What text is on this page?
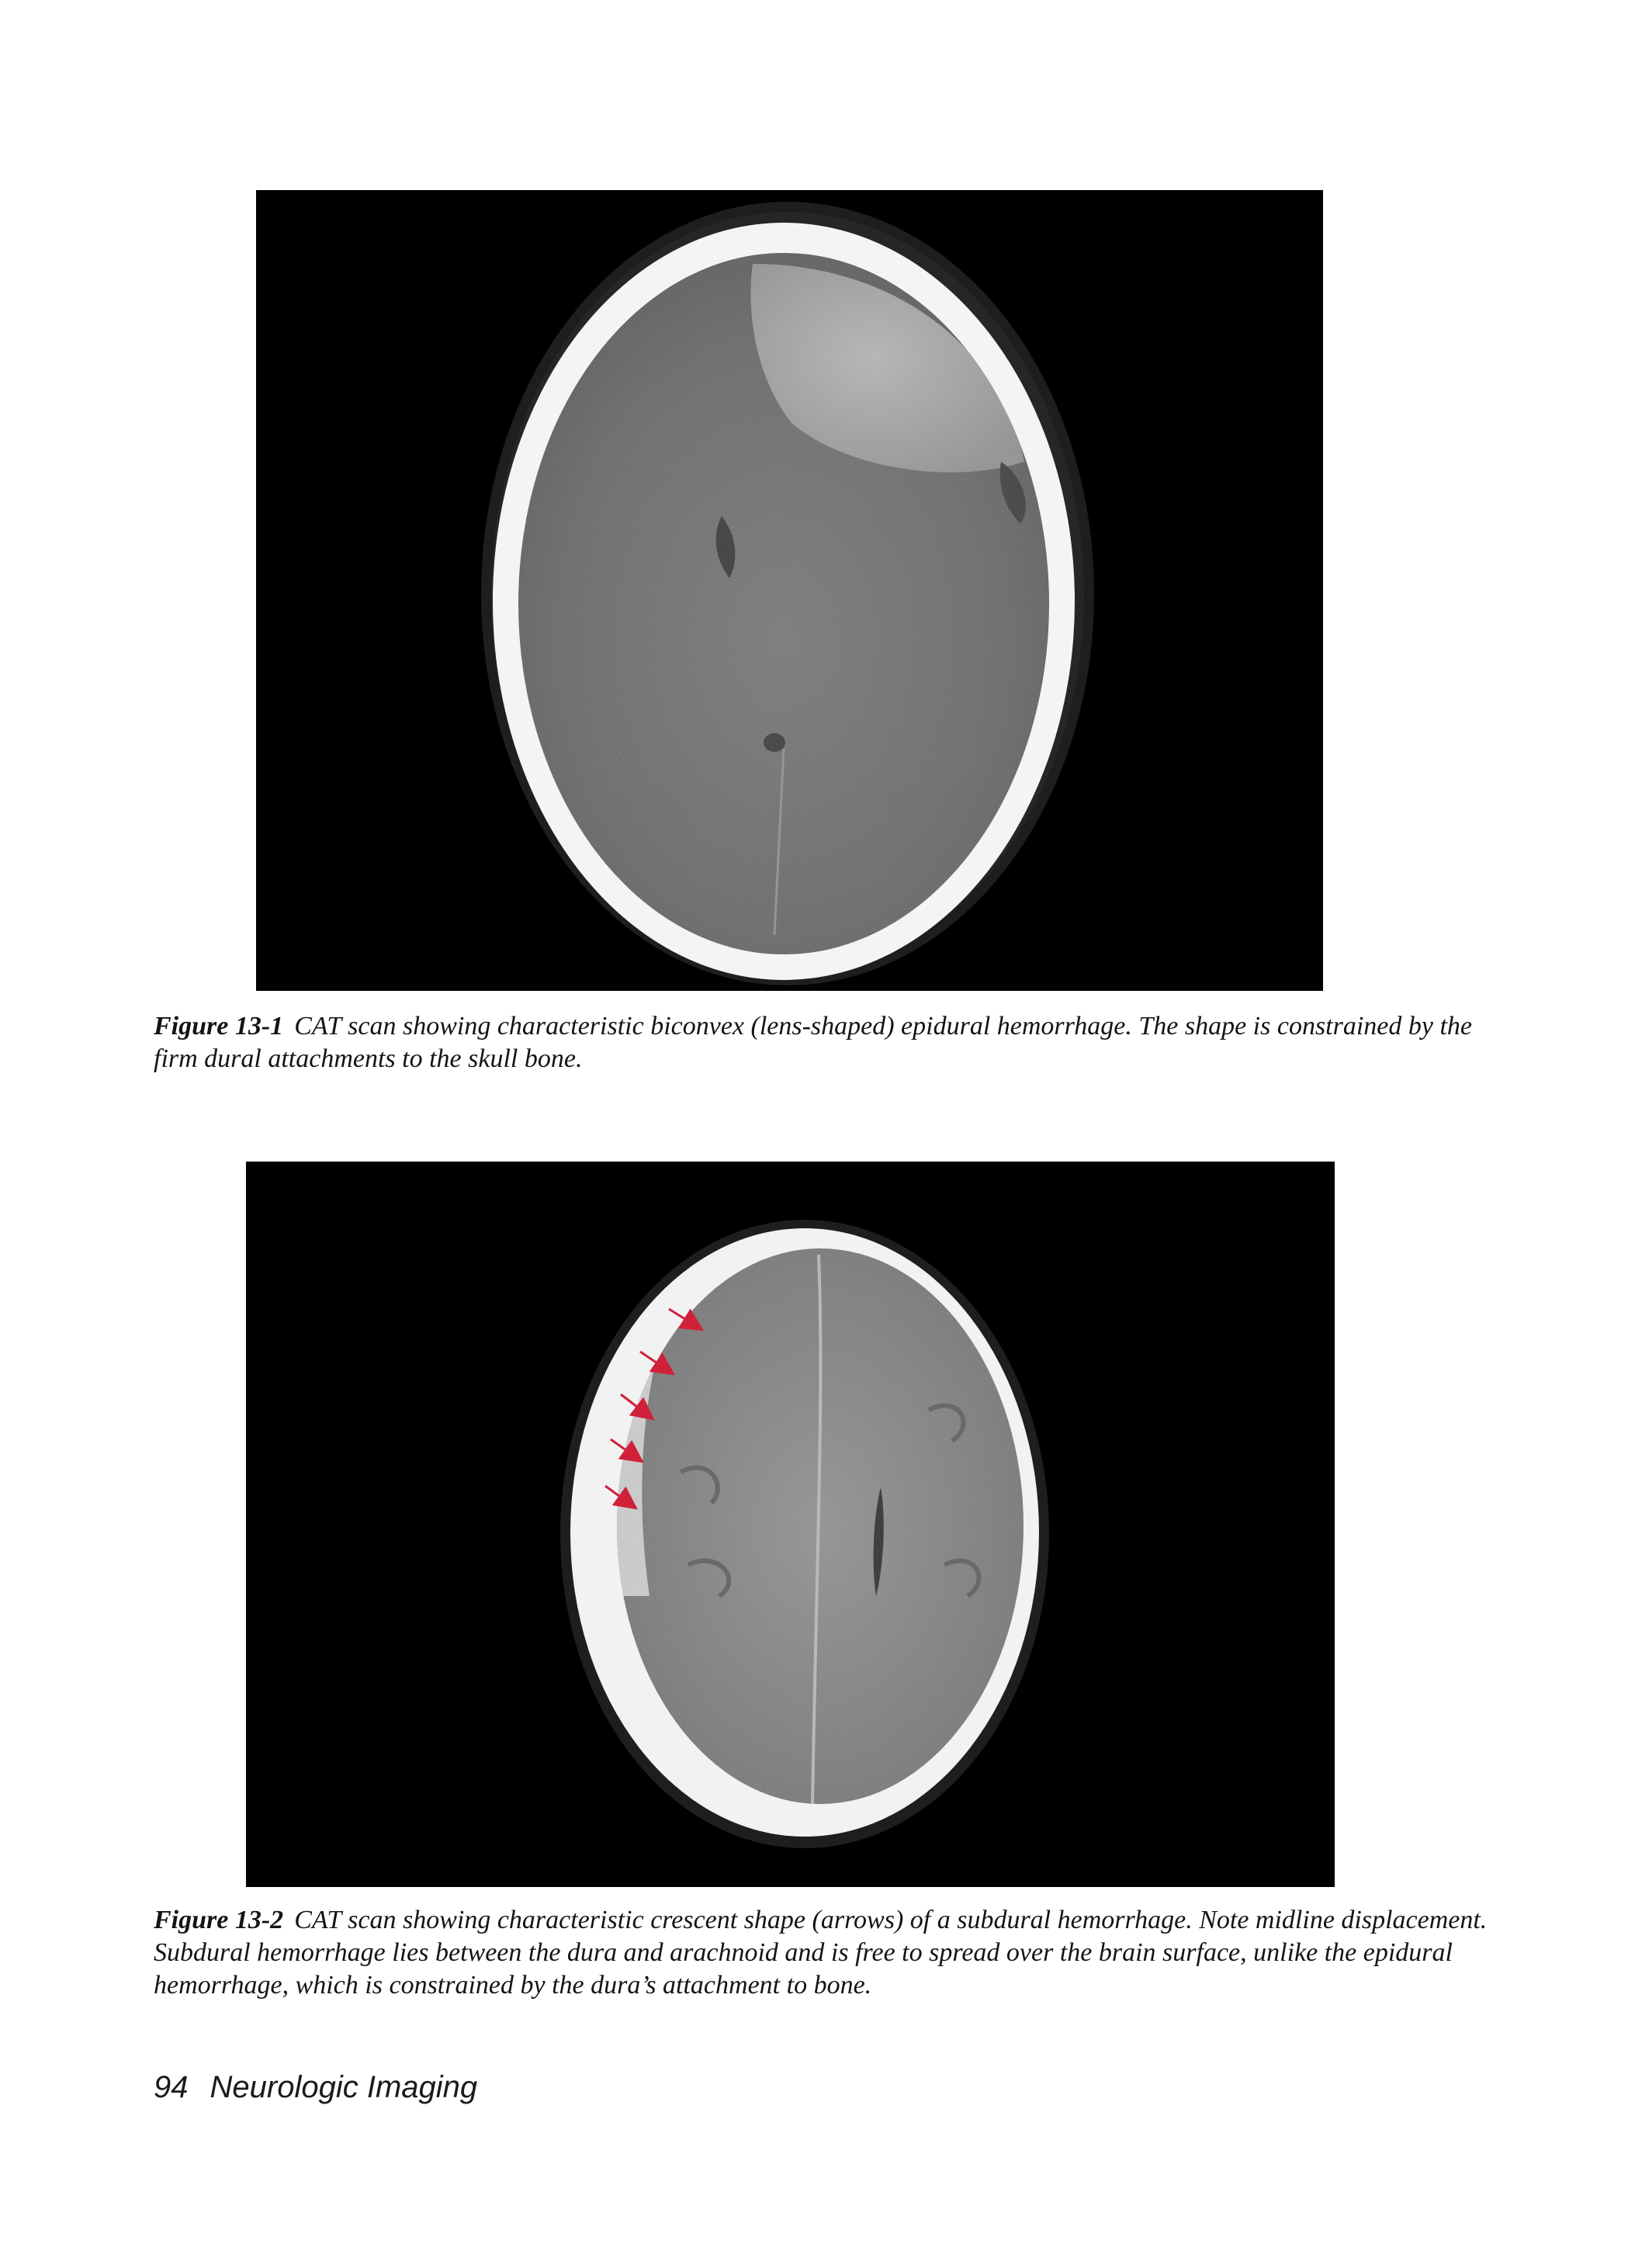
Figure 13-1 CAT scan showing characteristic biconvex (lens-shaped) epidural hemorrhage. The shape is constrained by the firm dural attachments to the skull bone.
Figure 13-2 CAT scan showing characteristic crescent shape (arrows) of a subdural hemorrhage. Note midline displacement. Subdural hemorrhage lies between the dura and arachnoid and is free to spread over the brain surface, unlike the epidural hemorrhage, which is constrained by the dura’s attachment to bone.
94 Neurologic Imaging
